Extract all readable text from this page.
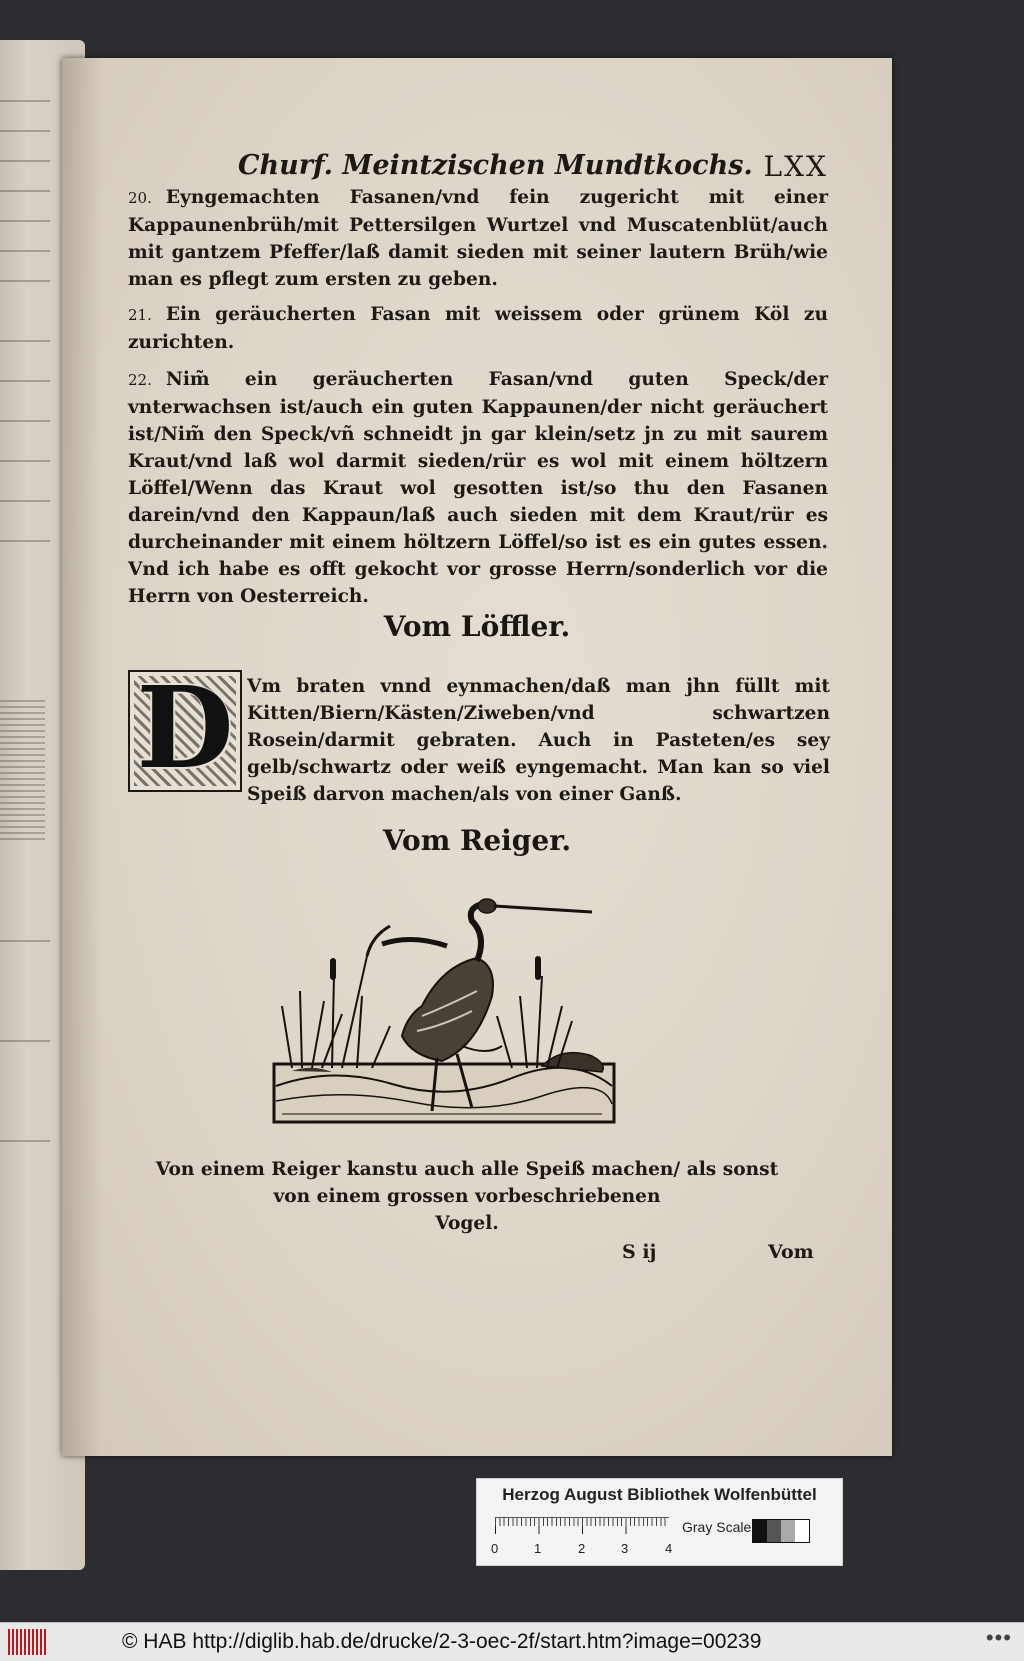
Churf. Meintzischen Mundtkochs. LXX
20. Eyngemachten Fasanen/vnd fein zugericht mit einer Kappaunenbrüh/mit Pettersilgen Wurtzel vnd Muscatenblüt/auch mit gantzem Pfeffer/laß damit sieden mit seiner lautern Brüh/wie man es pflegt zum ersten zu geben.
21. Ein geräucherten Fasan mit weissem oder grünem Köl zu zurichten.
22. Nim̃ ein geräucherten Fasan/vnd guten Speck/der vnterwachsen ist/auch ein guten Kappaunen/der nicht geräuchert ist/Nim̃ den Speck/vñ schneidt jn gar klein/setz jn zu mit saurem Kraut/vnd laß wol darmit sieden/rür es wol mit einem höltzern Löffel/Wenn das Kraut wol gesotten ist/so thu den Fasanen darein/vnd den Kappaun/laß auch sieden mit dem Kraut/rür es durcheinander mit einem höltzern Löffel/so ist es ein gutes essen. Vnd ich habe es offt gekocht vor grosse Herrn/sonderlich vor die Herrn von Oesterreich.
Vom Löffler.
D Vm braten vnnd eynmachen/daß man jhn füllt mit Kitten/Biern/Kästen/Ziweben/vnd schwartzen Rosein/darmit gebraten. Auch in Pasteten/es sey gelb/schwartz oder weiß eyngemacht. Man kan so viel Speiß darvon machen/als von einer Ganß.
Vom Reiger.
Von einem Reiger kanstu auch alle Speiß machen/ als sonst
von einem grossen vorbeschriebenen
Vogel.
S ij	Vom
Herzog August Bibliothek Wolfenbüttel
0	1	2	3	4
Gray Scale
© HAB http://diglib.hab.de/drucke/2-3-oec-2f/start.htm?image=00239	•••
